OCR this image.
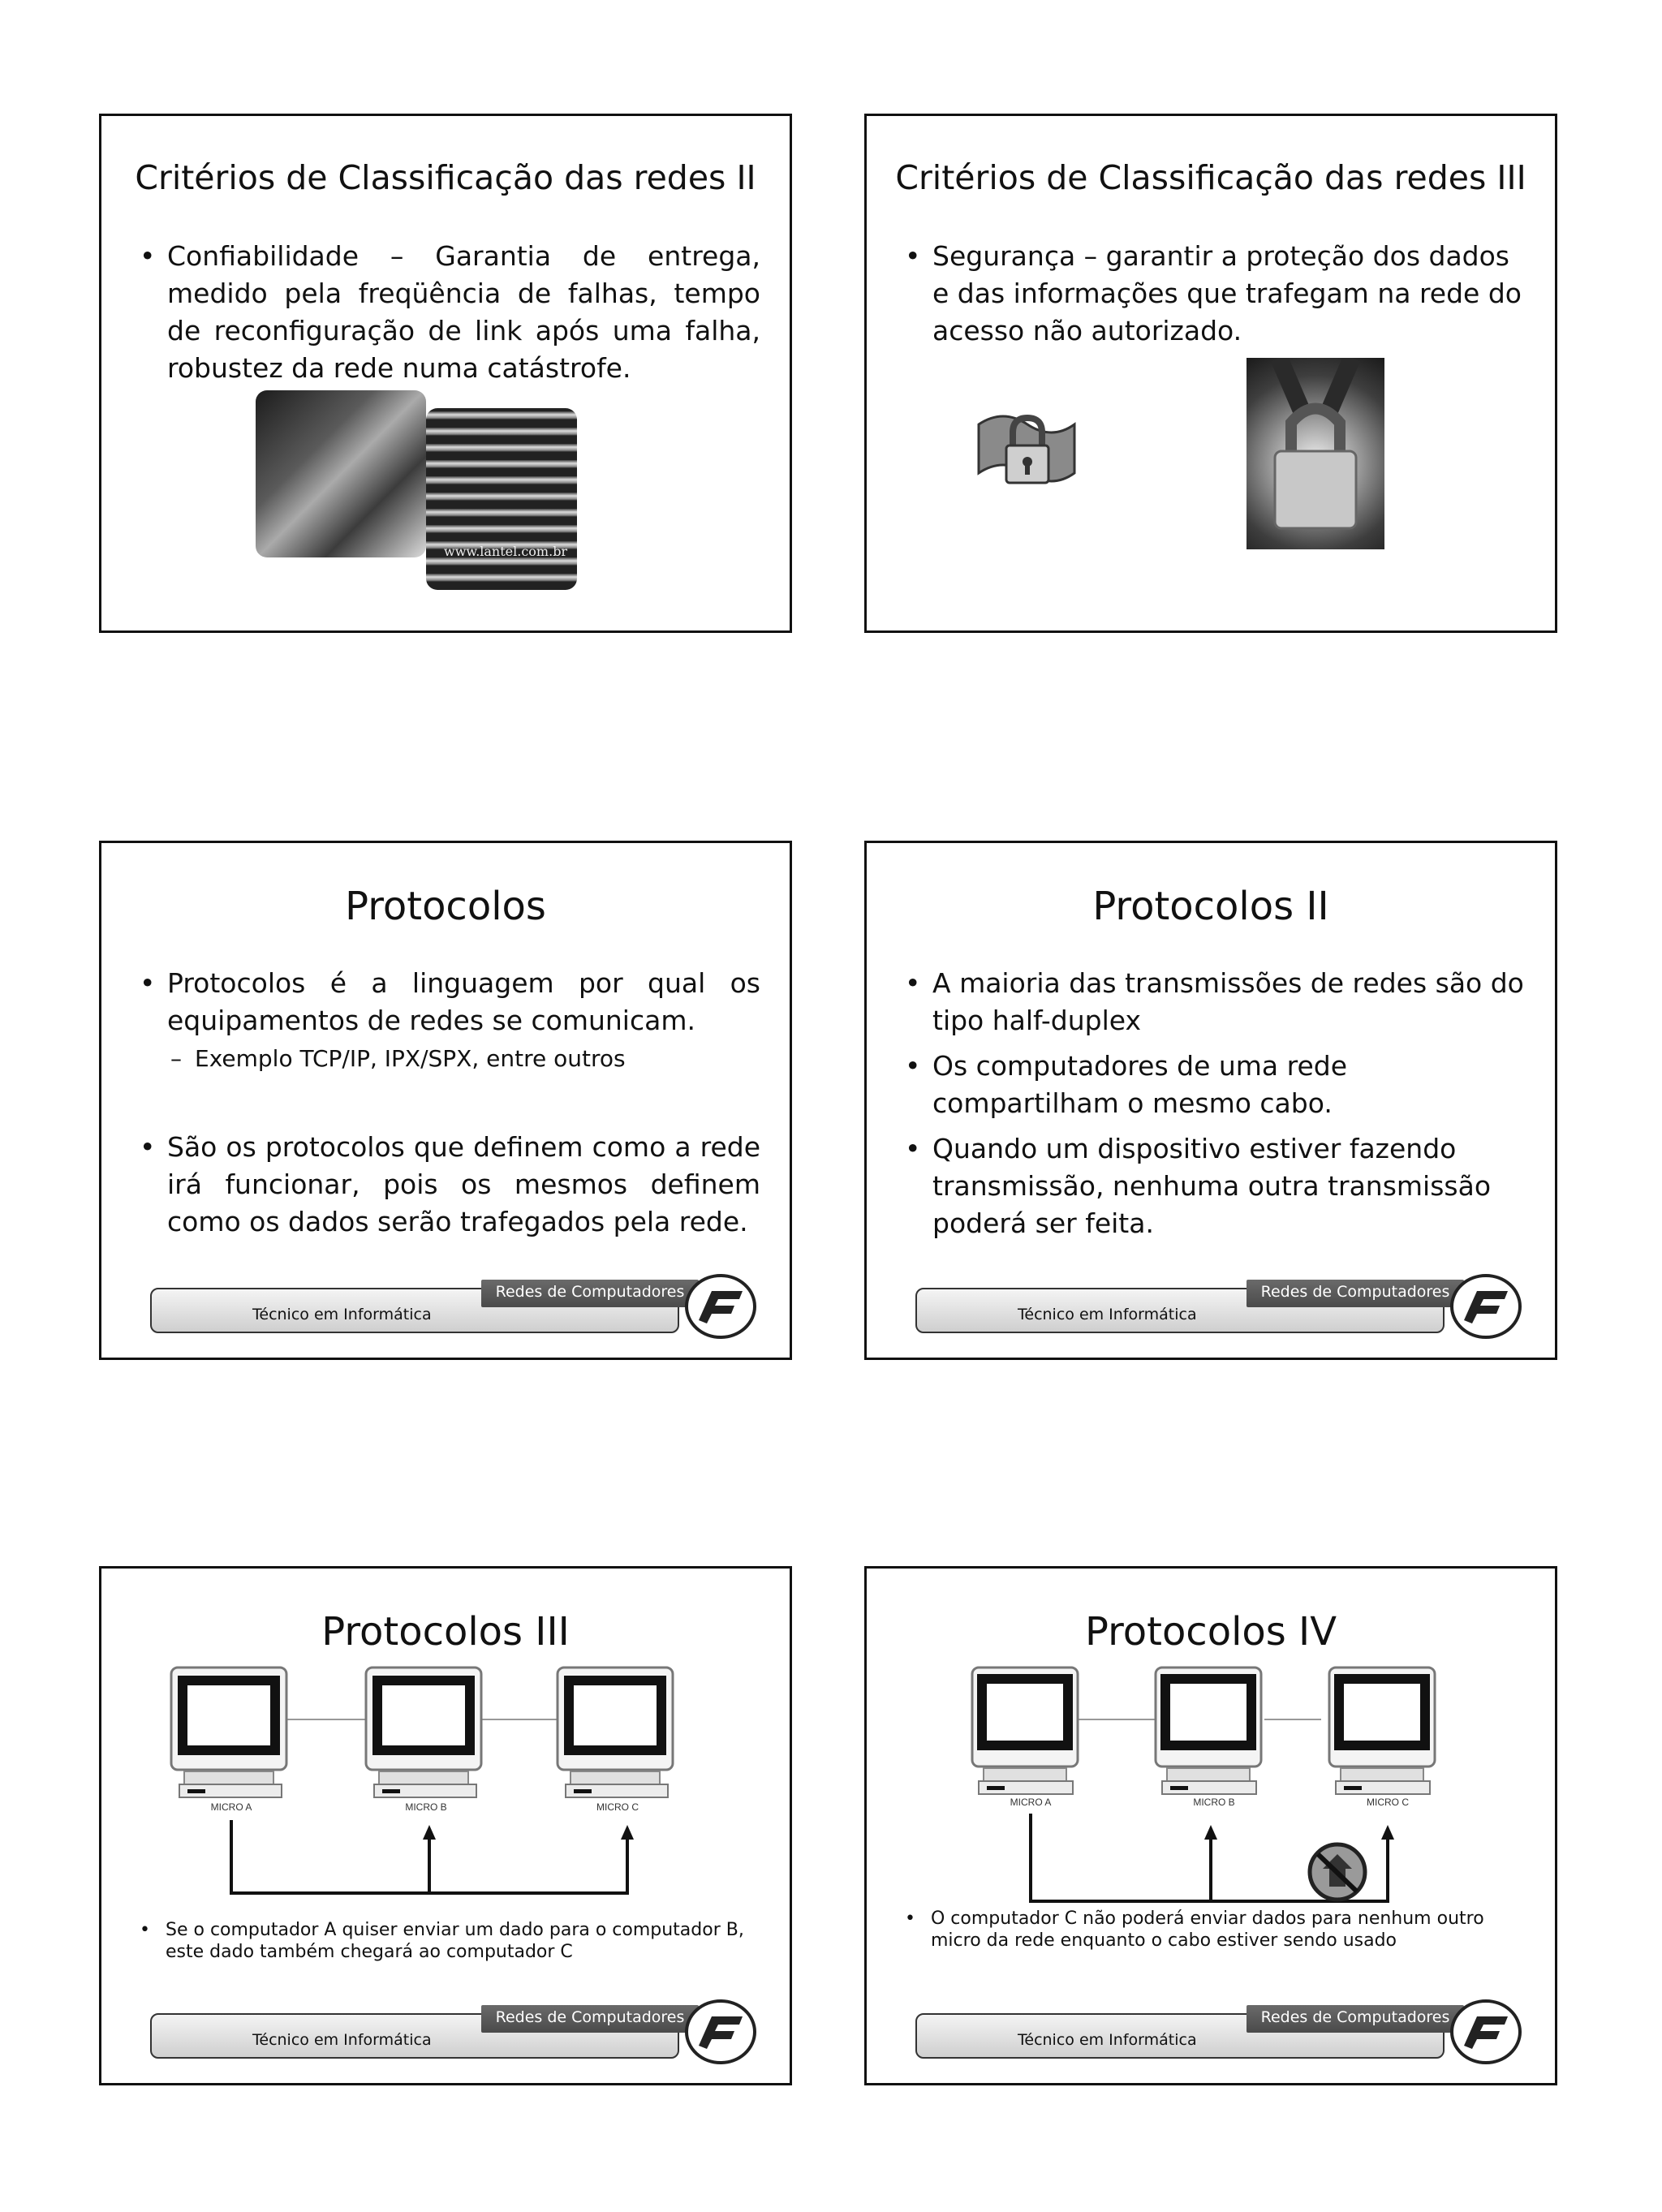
Critérios de Classificação das redes II
• Confiabilidade – Garantia de entrega, medido pela freqüência de falhas, tempo de reconfiguração de link após uma falha, robustez da rede numa catástrofe.
www.lantel.com.br
Critérios de Classificação das redes III
• Segurança – garantir a proteção dos dados e das informações que trafegam na rede do acesso não autorizado.
Protocolos
• Protocolos é a linguagem por qual os equipamentos de redes se comunicam.
– Exemplo TCP/IP, IPX/SPX, entre outros
• São os protocolos que definem como a rede irá funcionar, pois os mesmos definem como os dados serão trafegados pela rede.
Técnico em Informática
Redes de Computadores
Protocolos II
• A maioria das transmissões de redes são do tipo half-duplex
• Os computadores de uma rede compartilham o mesmo cabo.
• Quando um dispositivo estiver fazendo transmissão, nenhuma outra transmissão poderá ser feita.
Técnico em Informática
Redes de Computadores
Protocolos III
MICRO A	MICRO B	MICRO C
• Se o computador A quiser enviar um dado para o computador B, este dado também chegará ao computador C
Técnico em Informática
Redes de Computadores
Protocolos IV
MICRO A	MICRO B	MICRO C
• O computador C não poderá enviar dados para nenhum outro micro da rede enquanto o cabo estiver sendo usado
Técnico em Informática
Redes de Computadores
